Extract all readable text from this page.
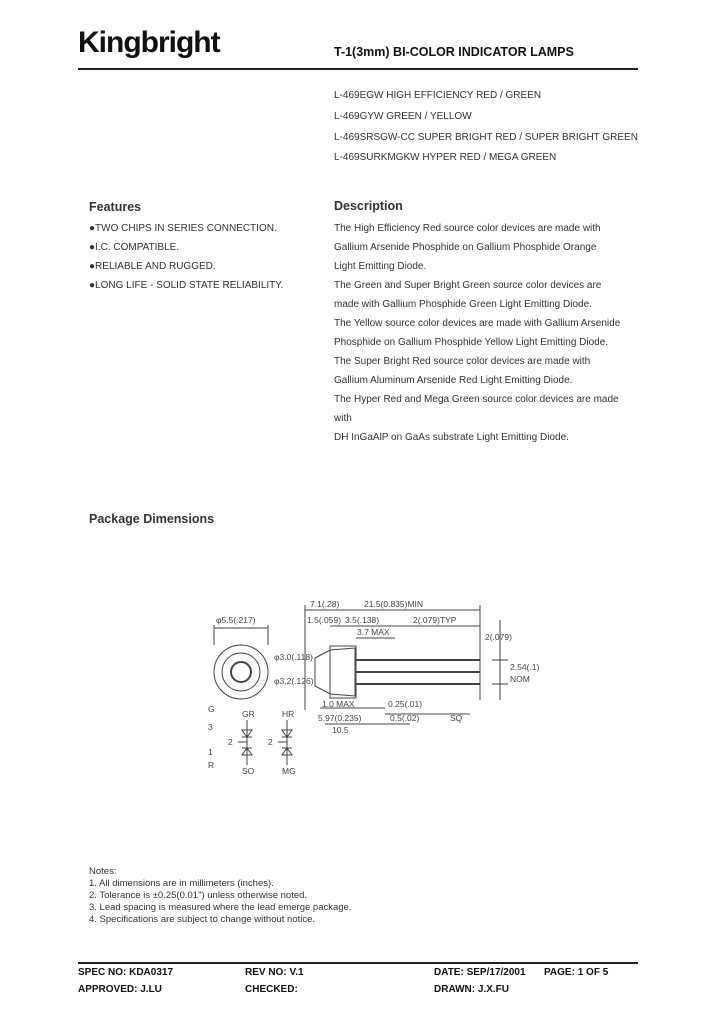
Kingbright	T-1(3mm) BI-COLOR INDICATOR LAMPS
L-469EGW HIGH EFFICIENCY RED / GREEN
L-469GYW GREEN / YELLOW
L-469SRSGW-CC SUPER BRIGHT RED / SUPER BRIGHT GREEN
L-469SURKMGKW HYPER RED / MEGA GREEN
Features
●TWO CHIPS IN SERIES CONNECTION.
●I.C. COMPATIBLE.
●RELIABLE AND RUGGED.
●LONG LIFE - SOLID STATE RELIABILITY.
Description
The High Efficiency Red source color devices are made with
Gallium Arsenide Phosphide on Gallium Phosphide Orange
Light Emitting Diode.
The Green and Super Bright Green source color devices are
made with Gallium Phosphide Green Light Emitting Diode.
The Yellow source color devices are made with Gallium Arsenide
Phosphide on Gallium Phosphide Yellow Light Emitting Diode.
The Super Bright Red source color devices are made with
Gallium Aluminum Arsenide Red Light Emitting Diode.
The Hyper Red and Mega Green source color devices are made with
DH InGaAlP on GaAs substrate Light Emitting Diode.
Package Dimensions
φ5.5(.217)
7.1(.28)	21.5(0.835)MIN
1.5(.059) 3.5(.138)
3.7 MAX
2(.079)TYP
φ3.0(.118)
φ3.2(.126)
1.0 MAX	0.25(.01)
5.97(0.235)	0.5(.02)	SQ
10.5
2(.079)
2.54(.1)
NOM
GR
SO
HR
MG
G
R
3
1
2	2
Notes:
1. All dimensions are in millimeters (inches).
2. Tolerance is ±0.25(0.01") unless otherwise noted.
3. Lead spacing is measured where the lead emerge package.
4. Specifications are subject to change without notice.
SPEC NO: KDA0317	REV NO: V.1	DATE: SEP/17/2001 PAGE: 1 OF 5
APPROVED: J.LU	CHECKED:	DRAWN: J.X.FU
